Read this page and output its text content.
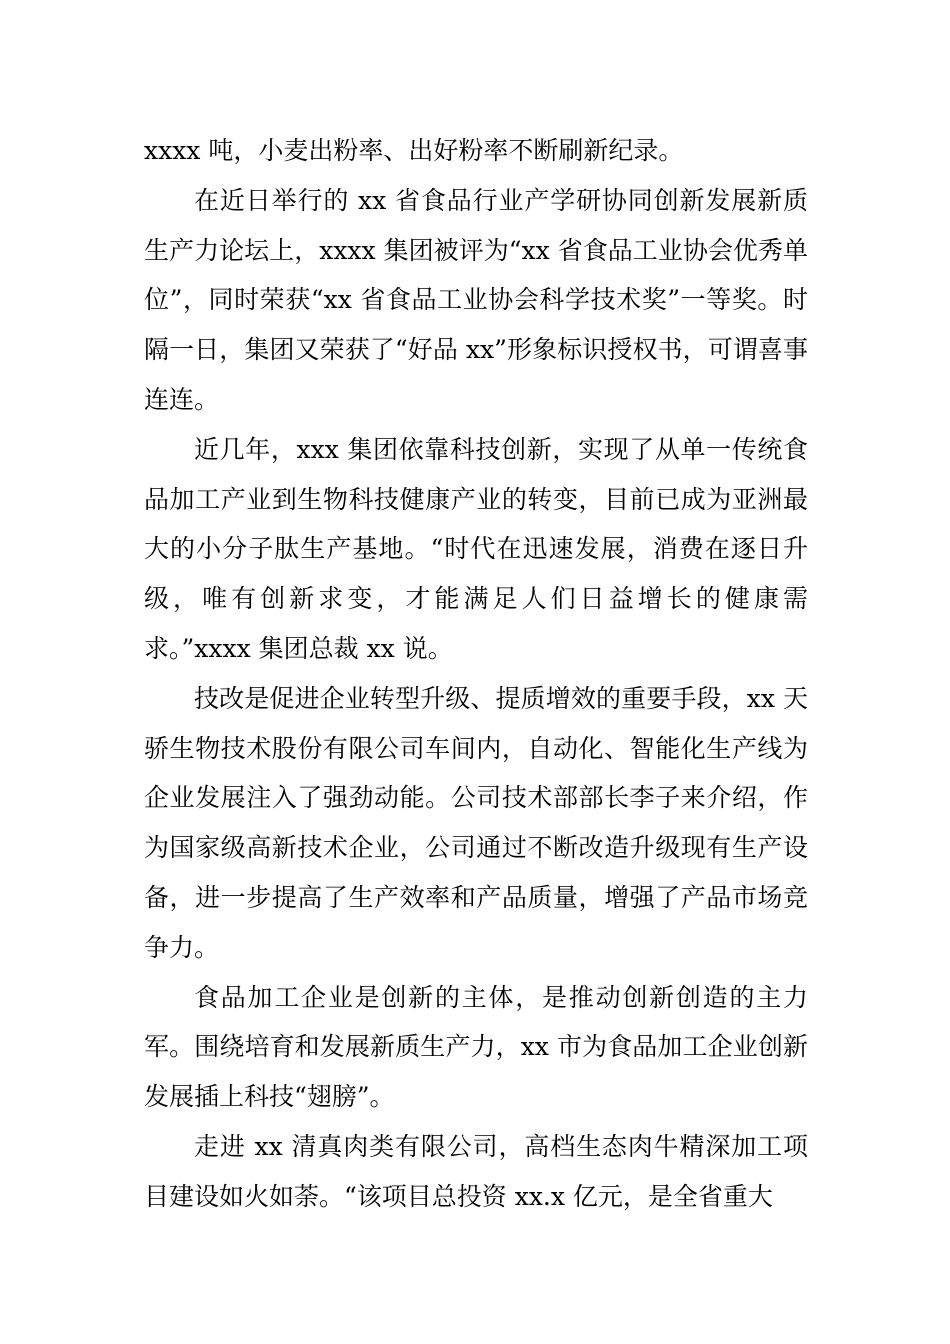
xxxx 吨，小麦出粉率、出好粉率不断刷新纪录。

在近日举行的 xx 省食品行业产学研协同创新发展新质生产力论坛上，xxxx 集团被评为“xx 省食品工业协会优秀单位”，同时荣获“xx 省食品工业协会科学技术奖”一等奖。时隔一日，集团又荣获了“好品 xx”形象标识授权书，可谓喜事连连。

近几年，xxx 集团依靠科技创新，实现了从单一传统食品加工产业到生物科技健康产业的转变，目前已成为亚洲最大的小分子肽生产基地。“时代在迅速发展，消费在逐日升级，唯有创新求变，才能满足人们日益增长的健康需求。”xxxx 集团总裁 xx 说。

技改是促进企业转型升级、提质增效的重要手段，xx 天骄生物技术股份有限公司车间内，自动化、智能化生产线为企业发展注入了强劲动能。公司技术部部长李子来介绍，作为国家级高新技术企业，公司通过不断改造升级现有生产设备，进一步提高了生产效率和产品质量，增强了产品市场竞争力。

食品加工企业是创新的主体，是推动创新创造的主力军。围绕培育和发展新质生产力，xx 市为食品加工企业创新发展插上科技“翅膀”。

走进 xx 清真肉类有限公司，高档生态肉牛精深加工项目建设如火如荼。“该项目总投资 xx.x 亿元，是全省重大
